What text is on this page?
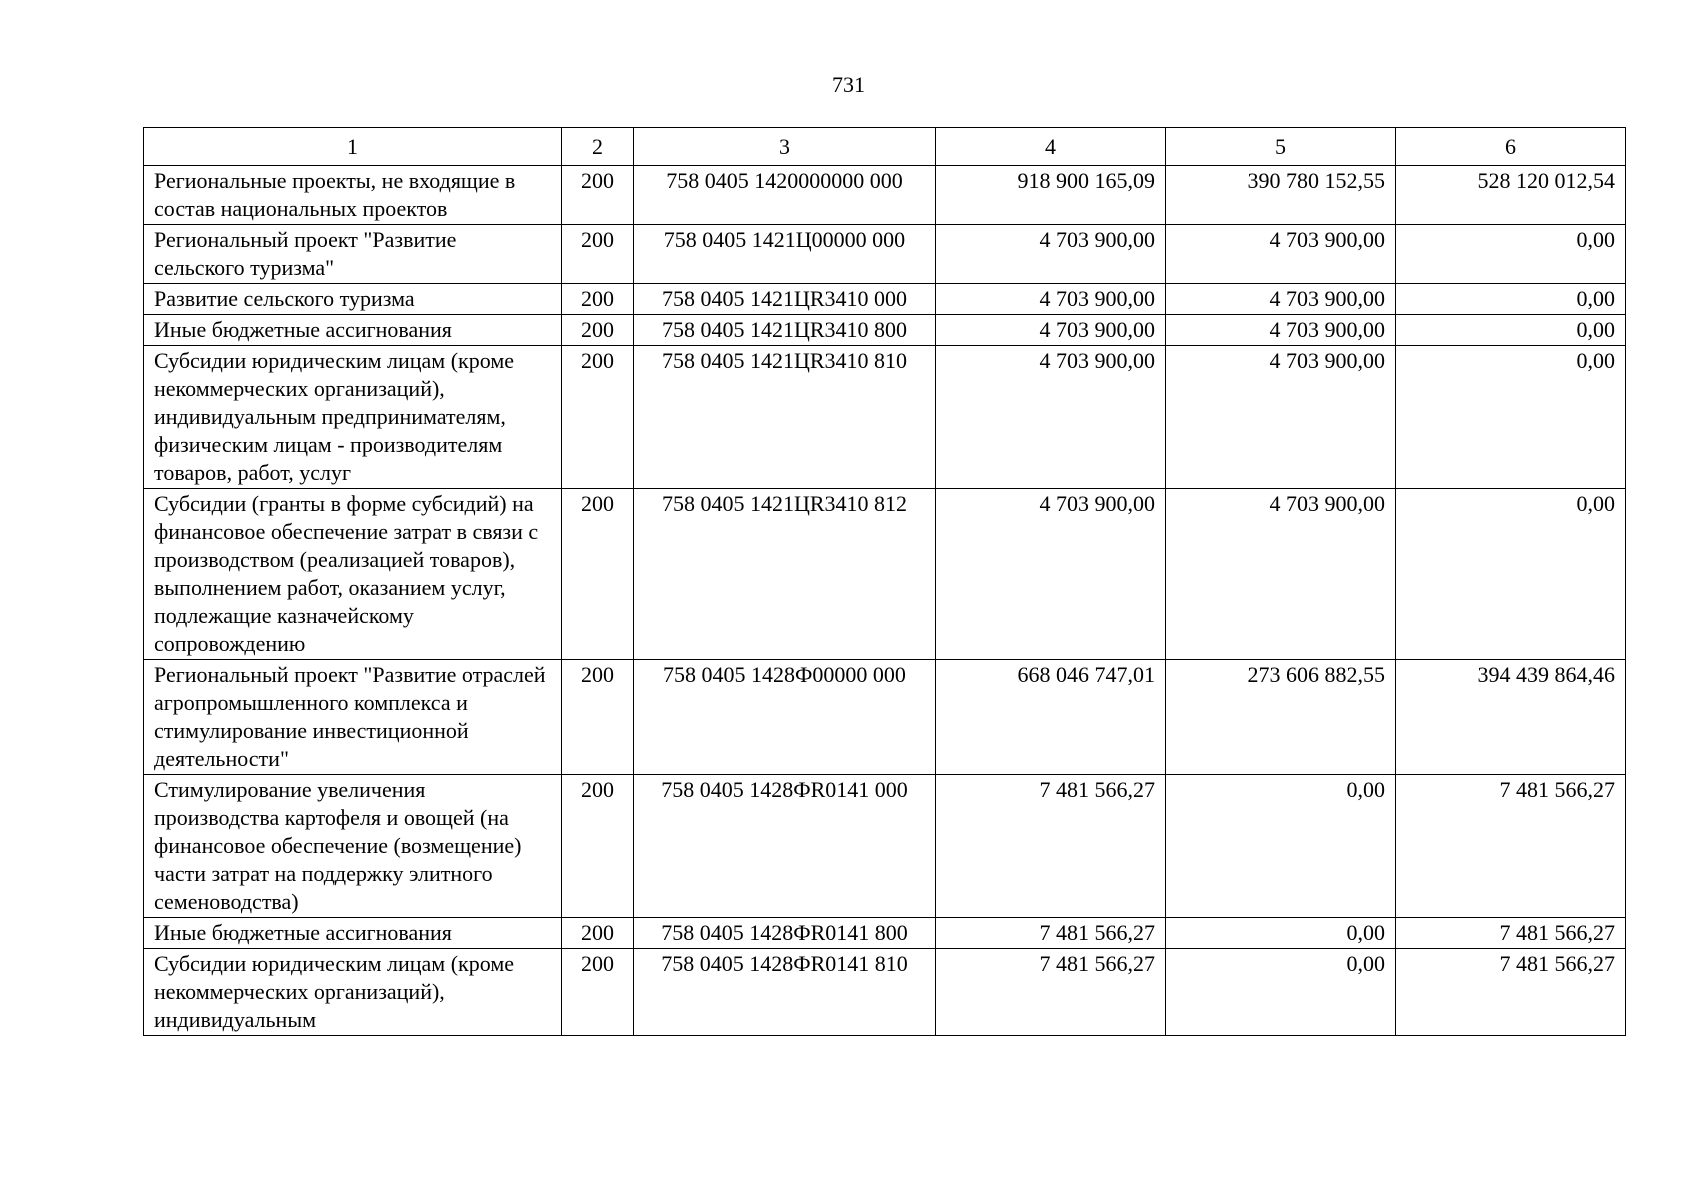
731
1	2	3	4	5	6
Региональные проекты, не входящие в состав национальных проектов	200	758 0405 1420000000 000	918 900 165,09	390 780 152,55	528 120 012,54
Региональный проект "Развитие сельского туризма"	200	758 0405 1421Ц00000 000	4 703 900,00	4 703 900,00	0,00
Развитие сельского туризма	200	758 0405 1421ЦR3410 000	4 703 900,00	4 703 900,00	0,00
Иные бюджетные ассигнования	200	758 0405 1421ЦR3410 800	4 703 900,00	4 703 900,00	0,00
Субсидии юридическим лицам (кроме некоммерческих организаций), индивидуальным предпринимателям, физическим лицам - производителям товаров, работ, услуг	200	758 0405 1421ЦR3410 810	4 703 900,00	4 703 900,00	0,00
Субсидии (гранты в форме субсидий) на финансовое обеспечение затрат в связи с производством (реализацией товаров), выполнением работ, оказанием услуг, подлежащие казначейскому сопровождению	200	758 0405 1421ЦR3410 812	4 703 900,00	4 703 900,00	0,00
Региональный проект "Развитие отраслей агропромышленного комплекса и стимулирование инвестиционной деятельности"	200	758 0405 1428Ф00000 000	668 046 747,01	273 606 882,55	394 439 864,46
Стимулирование увеличения производства картофеля и овощей (на финансовое обеспечение (возмещение) части затрат на поддержку элитного семеноводства)	200	758 0405 1428ФR0141 000	7 481 566,27	0,00	7 481 566,27
Иные бюджетные ассигнования	200	758 0405 1428ФR0141 800	7 481 566,27	0,00	7 481 566,27
Субсидии юридическим лицам (кроме некоммерческих организаций), индивидуальным	200	758 0405 1428ФR0141 810	7 481 566,27	0,00	7 481 566,27
